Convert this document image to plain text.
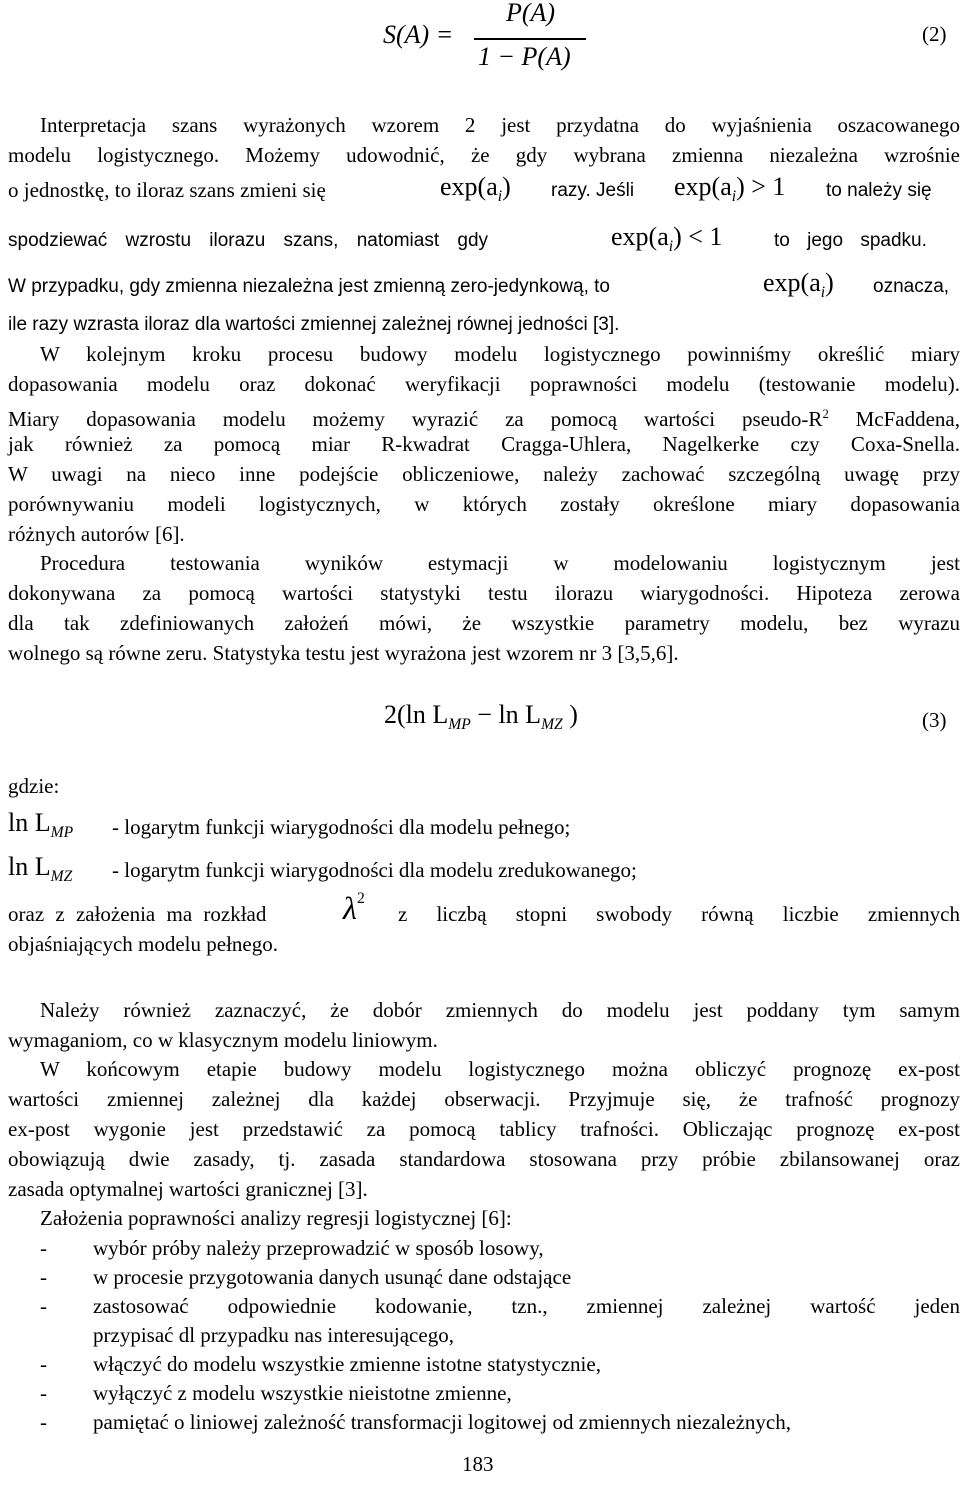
S(A) =
P(A)
1 − P(A)
(2)
Interpretacja szans wyrażonych wzorem 2 jest przydatna do wyjaśnienia oszacowanego
modelu logistycznego. Możemy udowodnić, że gdy wybrana zmienna niezależna wzrośnie
o jednostkę, to iloraz szans zmieni się	$\exp(a_i)$ razy. Jeśli $\exp(a_i) > 1$ to należy się
spodziewać wzrostu ilorazu szans, natomiast gdy	$\exp(a_i) < 1$	to jego spadku.
W przypadku, gdy zmienna niezależna jest zmienną zero-jedynkową, to	$\exp(a_i)$ oznacza,
ile razy wzrasta iloraz dla wartości zmiennej zależnej równej jedności [3].
W kolejnym kroku procesu budowy modelu logistycznego powinniśmy określić miary
dopasowania modelu oraz dokonać weryfikacji poprawności modelu (testowanie modelu).
Miary dopasowania modelu możemy wyrazić za pomocą wartości pseudo-$R^2$ McFaddena,
jak również za pomocą miar R-kwadrat Cragga-Uhlera, Nagelkerke czy Coxa-Snella.
W uwagi na nieco inne podejście obliczeniowe, należy zachować szczególną uwagę przy
porównywaniu modeli logistycznych, w których zostały określone miary dopasowania
różnych autorów [6].
Procedura testowania wyników estymacji w modelowaniu logistycznym jest
dokonywana za pomocą wartości statystyki testu ilorazu wiarygodności. Hipoteza zerowa
dla tak zdefiniowanych założeń mówi, że wszystkie parametry modelu, bez wyrazu
wolnego są równe zeru. Statystyka testu jest wyrażona jest wzorem nr 3 [3,5,6].
2(ln $L_{MP} - \ln L_{MZ}$ )	(3)
gdzie:
$\ln L_{MP}$ - logarytm funkcji wiarygodności dla modelu pełnego;
$\ln L_{MZ}$ - logarytm funkcji wiarygodności dla modelu zredukowanego;
oraz z założenia ma rozkład $\lambda^2$
z liczbą stopni swobody równą liczbie zmiennych
objaśniających modelu pełnego.
Należy również zaznaczyć, że dobór zmiennych do modelu jest poddany tym samym
wymaganiom, co w klasycznym modelu liniowym.
W końcowym etapie budowy modelu logistycznego można obliczyć prognozę ex-post
wartości zmiennej zależnej dla każdej obserwacji. Przyjmuje się, że trafność prognozy
ex-post wygonie jest przedstawić za pomocą tablicy trafności. Obliczając prognozę ex-post
obowiązują dwie zasady, tj. zasada standardowa stosowana przy próbie zbilansowanej oraz
zasada optymalnej wartości granicznej [3].
Założenia poprawności analizy regresji logistycznej [6]:
- wybór próby należy przeprowadzić w sposób losowy,
- w procesie przygotowania danych usunąć dane odstające
- zastosować odpowiednie kodowanie, tzn., zmiennej zależnej wartość jeden
przypisać dl przypadku nas interesującego,
- włączyć do modelu wszystkie zmienne istotne statystycznie,
- wyłączyć z modelu wszystkie nieistotne zmienne,
- pamiętać o liniowej zależność transformacji logitowej od zmiennych niezależnych,
183
